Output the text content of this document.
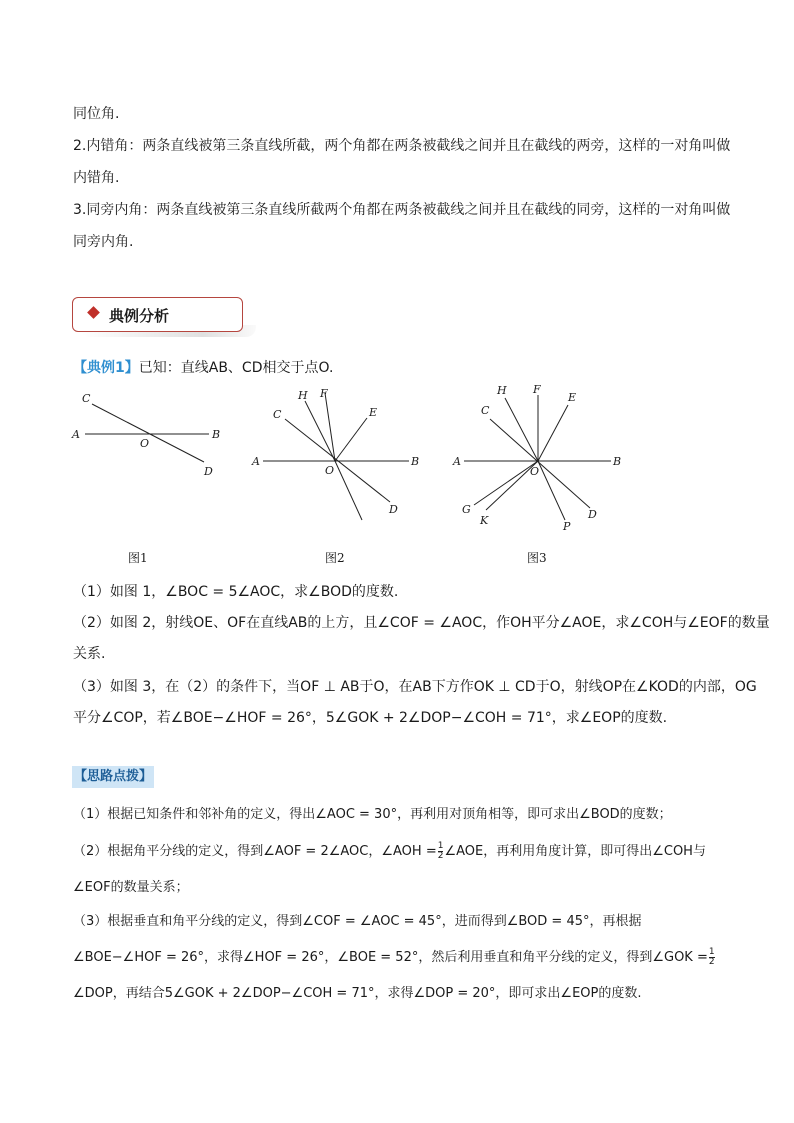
同位角.
2.内错角：两条直线被第三条直线所截，两个角都在两条被截线之间并且在截线的两旁，这样的一对角叫做
内错角.
3.同旁内角：两条直线被第三条直线所截两个角都在两条被截线之间并且在截线的同旁，这样的一对角叫做
同旁内角.
典例分析
【典例1】已知：直线AB、CD相交于点O.
C
A	B
O
D
H F
E
C
A	B
O
D
H F
E
C
A	B
O
G
K	D
P
图1	图2	图3
（1）如图 1，∠BOC = 5∠AOC，求∠BOD的度数.
（2）如图 2，射线OE、OF在直线AB的上方，且∠COF = ∠AOC，作OH平分∠AOE，求∠COH与∠EOF的数量
关系.
（3）如图 3，在（2）的条件下，当OF ⊥ AB于O，在AB下方作OK ⊥ CD于O，射线OP在∠KOD的内部，OG
平分∠COP，若∠BOE−∠HOF = 26°，5∠GOK + 2∠DOP−∠COH = 71°，求∠EOP的度数.
【思路点拨】
（1）根据已知条件和邻补角的定义，得出∠AOC = 30°，再利用对顶角相等，即可求出∠BOD的度数；
（2）根据角平分线的定义，得到∠AOF = 2∠AOC，∠AOH = $\frac{1}{2}$ ∠AOE，再利用角度计算，即可得出∠COH与
∠EOF的数量关系；
（3）根据垂直和角平分线的定义，得到∠COF = ∠AOC = 45°，进而得到∠BOD = 45°，再根据
∠BOE−∠HOF = 26°，求得∠HOF = 26°，∠BOE = 52°，然后利用垂直和角平分线的定义，得到∠GOK = $\frac{1}{2}$
∠DOP，再结合5∠GOK + 2∠DOP−∠COH = 71°，求得∠DOP = 20°，即可求出∠EOP的度数.
